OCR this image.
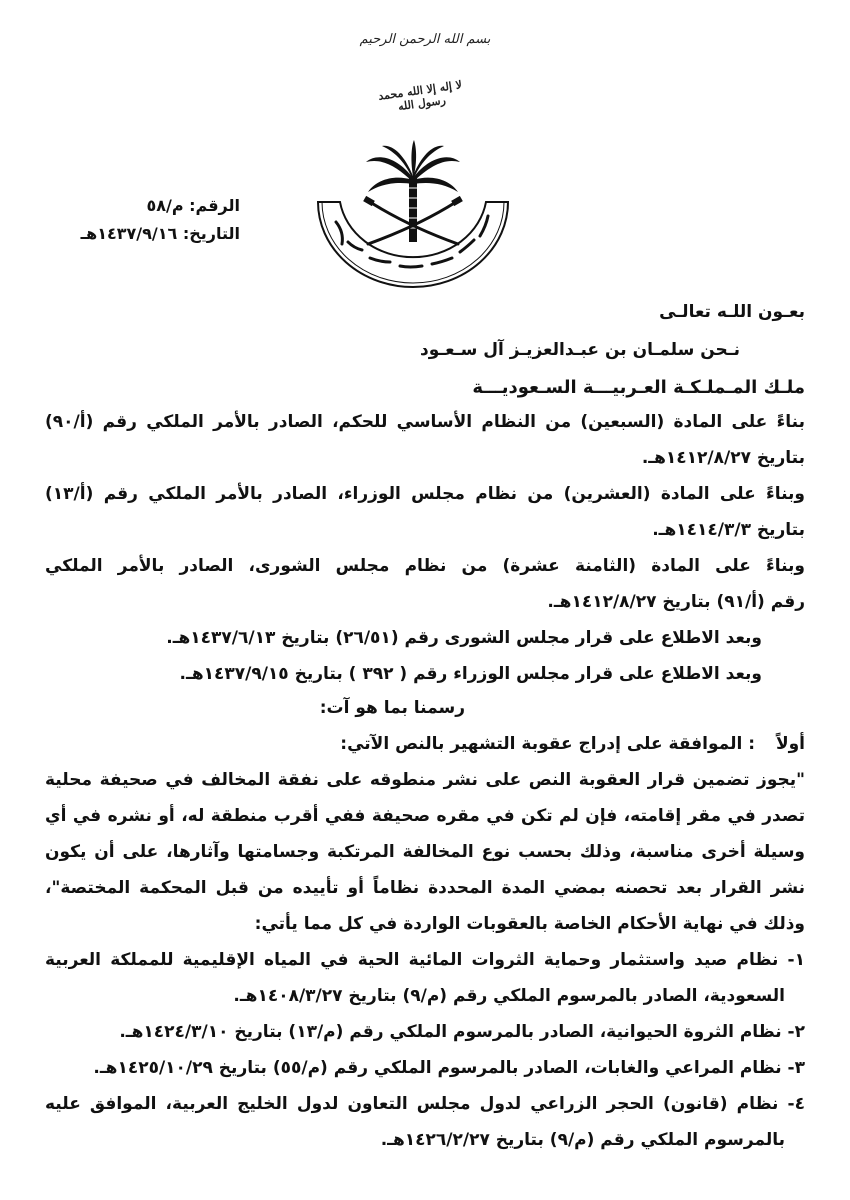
بسم الله الرحمن الرحيم
لا إله إلا الله محمد رسول الله
الرقم: م/٥٨
التاريخ: ١٤٣٧/٩/١٦هـ
بعـون اللـه تعالـى
نـحن سلمـان بن عبـدالعزيـز آل سـعـود
ملـك المـملـكـة العـربيـــة السـعوديـــة
بناءً على المادة (السبعين) من النظام الأساسي للحكم، الصادر بالأمر الملكي رقم (أ/٩٠)
بتاريخ ١٤١٢/٨/٢٧هـ.
وبناءً على المادة (العشرين) من نظام مجلس الوزراء، الصادر بالأمر الملكي رقم (أ/١٣)
بتاريخ ١٤١٤/٣/٣هـ.
وبناءً على المادة (الثامنة عشرة) من نظام مجلس الشورى، الصادر بالأمر الملكي
رقم (أ/٩١) بتاريخ ١٤١٢/٨/٢٧هـ.
وبعد الاطلاع على قرار مجلس الشورى رقم (٢٦/٥١) بتاريخ ١٤٣٧/٦/١٣هـ.
وبعد الاطلاع على قرار مجلس الوزراء رقم ( ٣٩٢ ) بتاريخ ١٤٣٧/٩/١٥هـ.
رسمنا بما هو آت:
أولاً
: الموافقة على إدراج عقوبة التشهير بالنص الآتي:
"يجوز تضمين قرار العقوبة النص على نشر منطوقه على نفقة المخالف في صحيفة محلية
تصدر في مقر إقامته، فإن لم تكن في مقره صحيفة ففي أقرب منطقة له، أو نشره في أي
وسيلة أخرى مناسبة، وذلك بحسب نوع المخالفة المرتكبة وجسامتها وآثارها، على أن يكون
نشر القرار بعد تحصنه بمضي المدة المحددة نظاماً أو تأييده من قبل المحكمة المختصة"،
وذلك في نهاية الأحكام الخاصة بالعقوبات الواردة في كل مما يأتي:
١- نظام صيد واستثمار وحماية الثروات المائية الحية في المياه الإقليمية للمملكة العربية
السعودية، الصادر بالمرسوم الملكي رقم (م/٩) بتاريخ ١٤٠٨/٣/٢٧هـ.
٢- نظام الثروة الحيوانية، الصادر بالمرسوم الملكي رقم (م/١٣) بتاريخ ١٤٢٤/٣/١٠هـ.
٣- نظام المراعي والغابات، الصادر بالمرسوم الملكي رقم (م/٥٥) بتاريخ ١٤٢٥/١٠/٢٩هـ.
٤- نظام (قانون) الحجر الزراعي لدول مجلس التعاون لدول الخليج العربية، الموافق عليه
بالمرسوم الملكي رقم (م/٩) بتاريخ ١٤٢٦/٢/٢٧هـ.
